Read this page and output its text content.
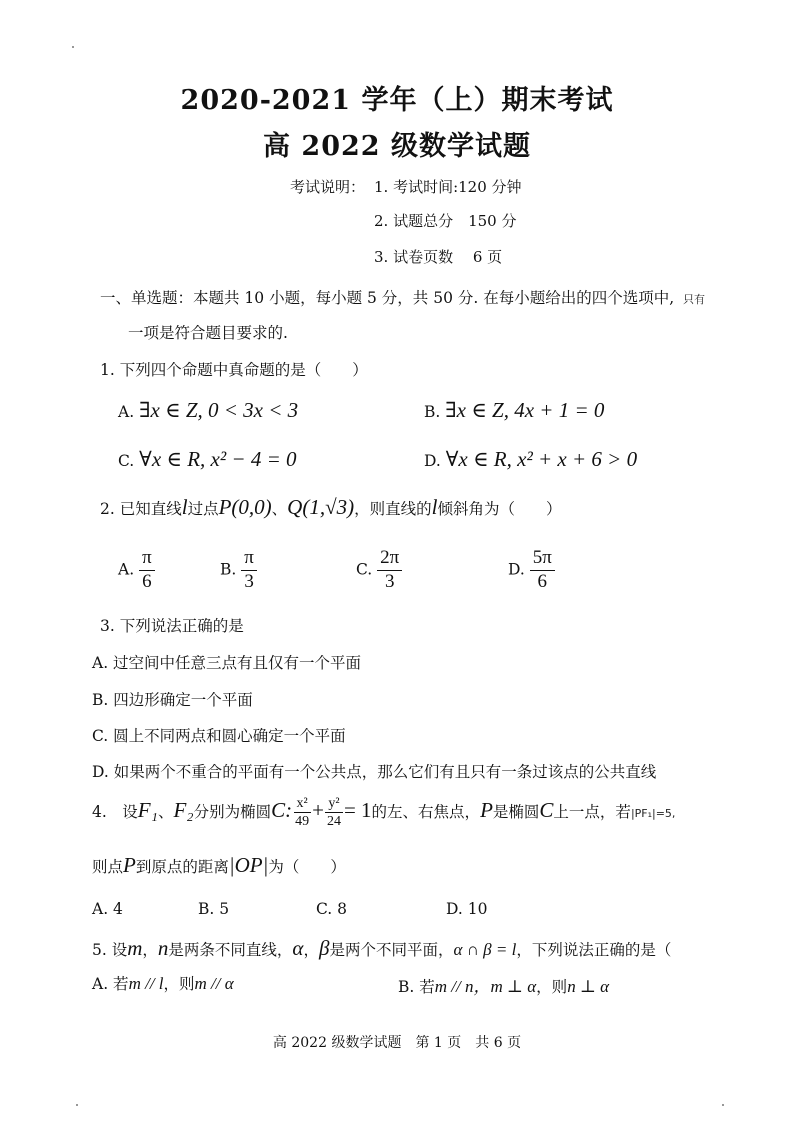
2020-2021 学年（上）期末考试
高 2022 级数学试题
考试说明： 1. 考试时间:120 分钟
2. 试题总分　150 分
3. 试卷页数　 6 页
一、单选题：本题共 10 小题，每小题 5 分，共 50 分. 在每小题给出的四个选项中, 只有
一项是符合题目要求的.
1. 下列四个命题中真命题的是（　　）
A. ∃x ∈ Z, 0 < 3x < 3	B. ∃x ∈ Z, 4x + 1 = 0
C. ∀x ∈ R, x² − 4 = 0	D. ∀x ∈ R, x² + x + 6 > 0
2. 已知直线l过点P(0,0)、Q(1,√3)，则直线的l倾斜角为（　　）
A. $\frac{\pi}{6}$	B. $\frac{\pi}{3}$	C. $\frac{2\pi}{3}$	D. $\frac{5\pi}{6}$
3. 下列说法正确的是
A. 过空间中任意三点有且仅有一个平面
B. 四边形确定一个平面
C. 圆上不同两点和圆心确定一个平面
D. 如果两个不重合的平面有一个公共点，那么它们有且只有一条过该点的公共直线
4.　设F₁、F₂分别为椭圆C: $\frac{\text{x²}}{49} + \frac{\text{y²}}{24} = 1$的左、右焦点，P是椭圆C上一点，若|PF₁|=5,
则点P到原点的距离|OP|为（　　）
A. 4	B. 5	C. 8	D. 10
5. 设m，n是两条不同直线，α，β是两个不同平面，α ∩ β = l，下列说法正确的是（
A. 若m // l，则m // α	B. 若m // n，m ⊥ α，则n ⊥ α
高 2022 级数学试题　第 1 页　共 6 页
